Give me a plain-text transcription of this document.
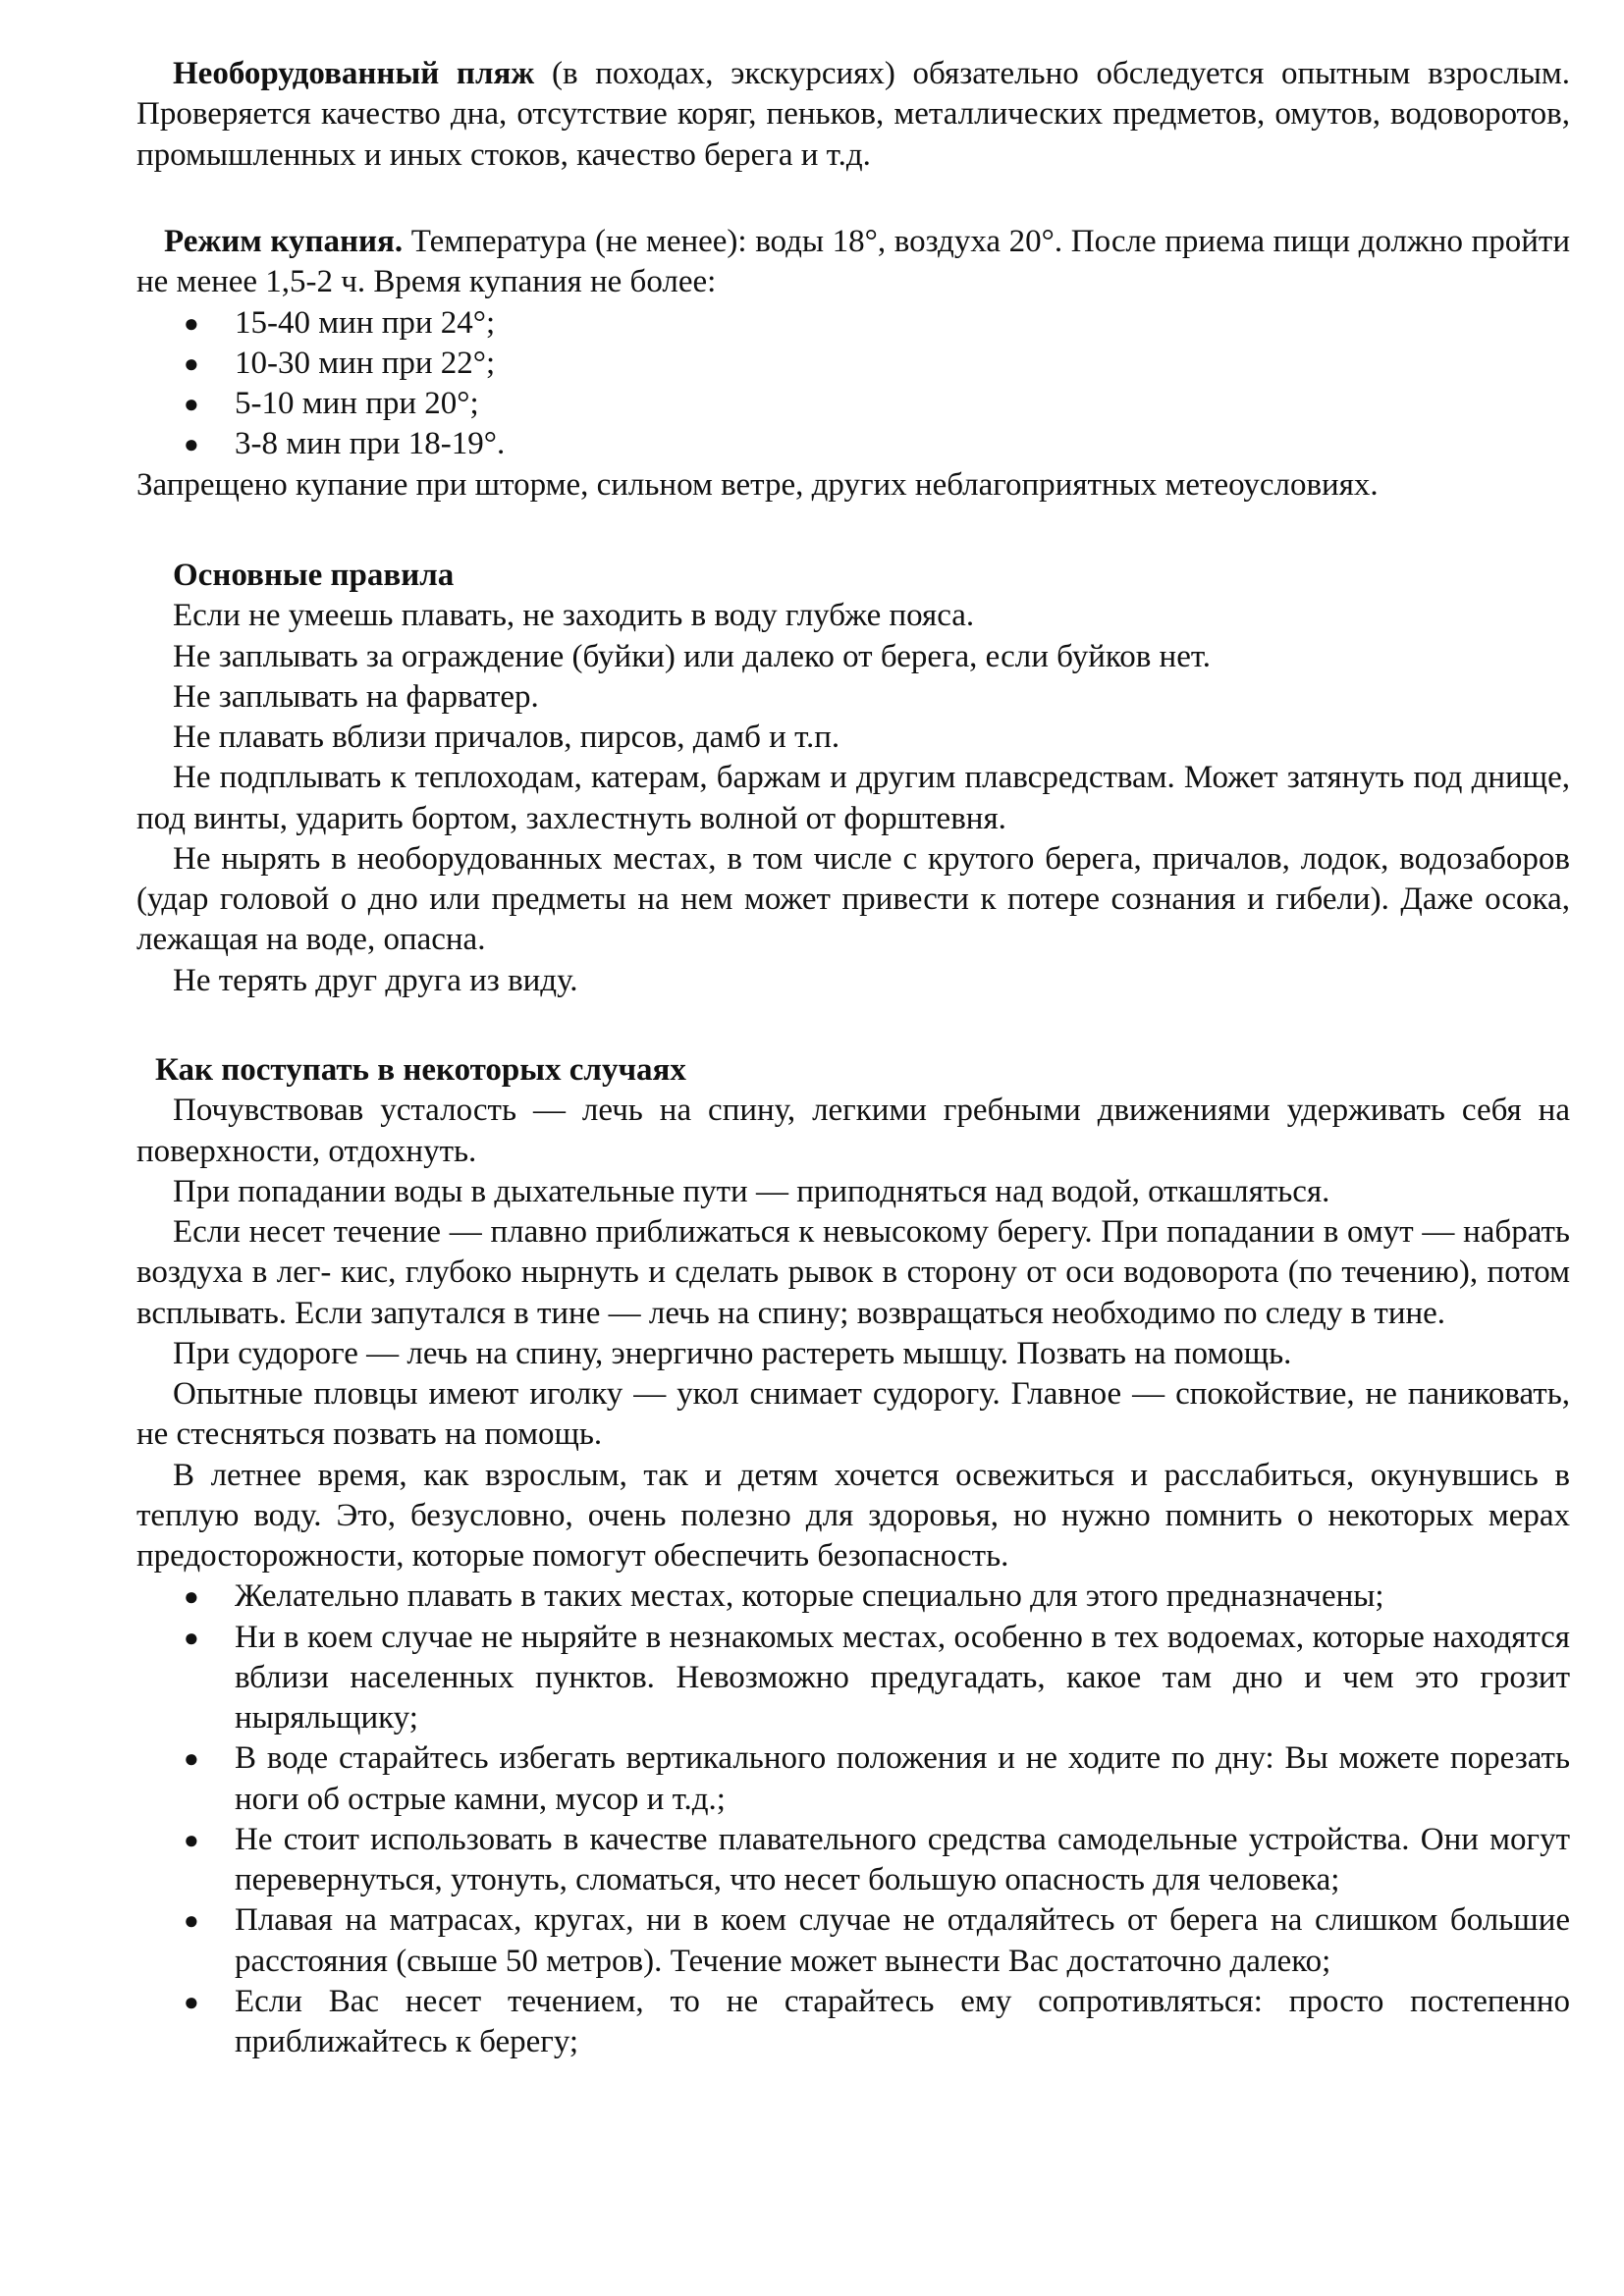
Необорудованный пляж (в походах, экскурсиях) обязательно обследуется опытным взрослым. Проверяется качество дна, отсутствие коряг, пеньков, металлических предметов, омутов, водоворотов, промышленных и иных стоков, качество берега и т.д.

Режим купания. Температура (не менее): воды 18°, воздуха 20°. После приема пищи должно пройти не менее 1,5-2 ч. Время купания не более:

● 15-40 мин при 24°;
● 10-30 мин при 22°;
● 5-10 мин при 20°;
● 3-8 мин при 18-19°.

Запрещено купание при шторме, сильном ветре, других неблагоприятных метеоусловиях.

Основные правила

Если не умеешь плавать, не заходить в воду глубже пояса.

Не заплывать за ограждение (буйки) или далеко от берега, если буйков нет.

Не заплывать на фарватер.

Не плавать вблизи причалов, пирсов, дамб и т.п.

Не подплывать к теплоходам, катерам, баржам и другим плавсредствам. Может затянуть под днище, под винты, ударить бортом, захлестнуть волной от форштевня.

Не нырять в необорудованных местах, в том числе с крутого берега, причалов, лодок, водозаборов (удар головой о дно или предметы на нем может привести к потере сознания и гибели). Даже осока, лежащая на воде, опасна.

Не терять друг друга из виду.

Как поступать в некоторых случаях

Почувствовав усталость — лечь на спину, легкими гребными движениями удерживать себя на поверхности, отдохнуть.

При попадании воды в дыхательные пути — приподняться над водой, откашляться.

Если несет течение — плавно приближаться к невысокому берегу. При попадании в омут — набрать воздуха в лег- кис, глубоко нырнуть и сделать рывок в сторону от оси водоворота (по течению), потом всплывать. Если запутался в тине — лечь на спину; возвращаться необходимо по следу в тине.

При судороге — лечь на спину, энергично растереть мышцу. Позвать на помощь.

Опытные пловцы имеют иголку — укол снимает судорогу. Главное — спокойствие, не паниковать, не стесняться позвать на помощь.

В летнее время, как взрослым, так и детям хочется освежиться и расслабиться, окунувшись в теплую воду. Это, безусловно, очень полезно для здоровья, но нужно помнить о некоторых мерах предосторожности, которые помогут обеспечить безопасность.

● Желательно плавать в таких местах, которые специально для этого предназначены;
● Ни в коем случае не ныряйте в незнакомых местах, особенно в тех водоемах, которые находятся вблизи населенных пунктов. Невозможно предугадать, какое там дно и чем это грозит ныряльщику;
● В воде старайтесь избегать вертикального положения и не ходите по дну: Вы можете порезать ноги об острые камни, мусор и т.д.;
● Не стоит использовать в качестве плавательного средства самодельные устройства. Они могут перевернуться, утонуть, сломаться, что несет большую опасность для человека;
● Плавая на матрасах, кругах, ни в коем случае не отдаляйтесь от берега на слишком большие расстояния (свыше 50 метров). Течение может вынести Вас достаточно далеко;
● Если Вас несет течением, то не старайтесь ему сопротивляться: просто постепенно приближайтесь к берегу;
